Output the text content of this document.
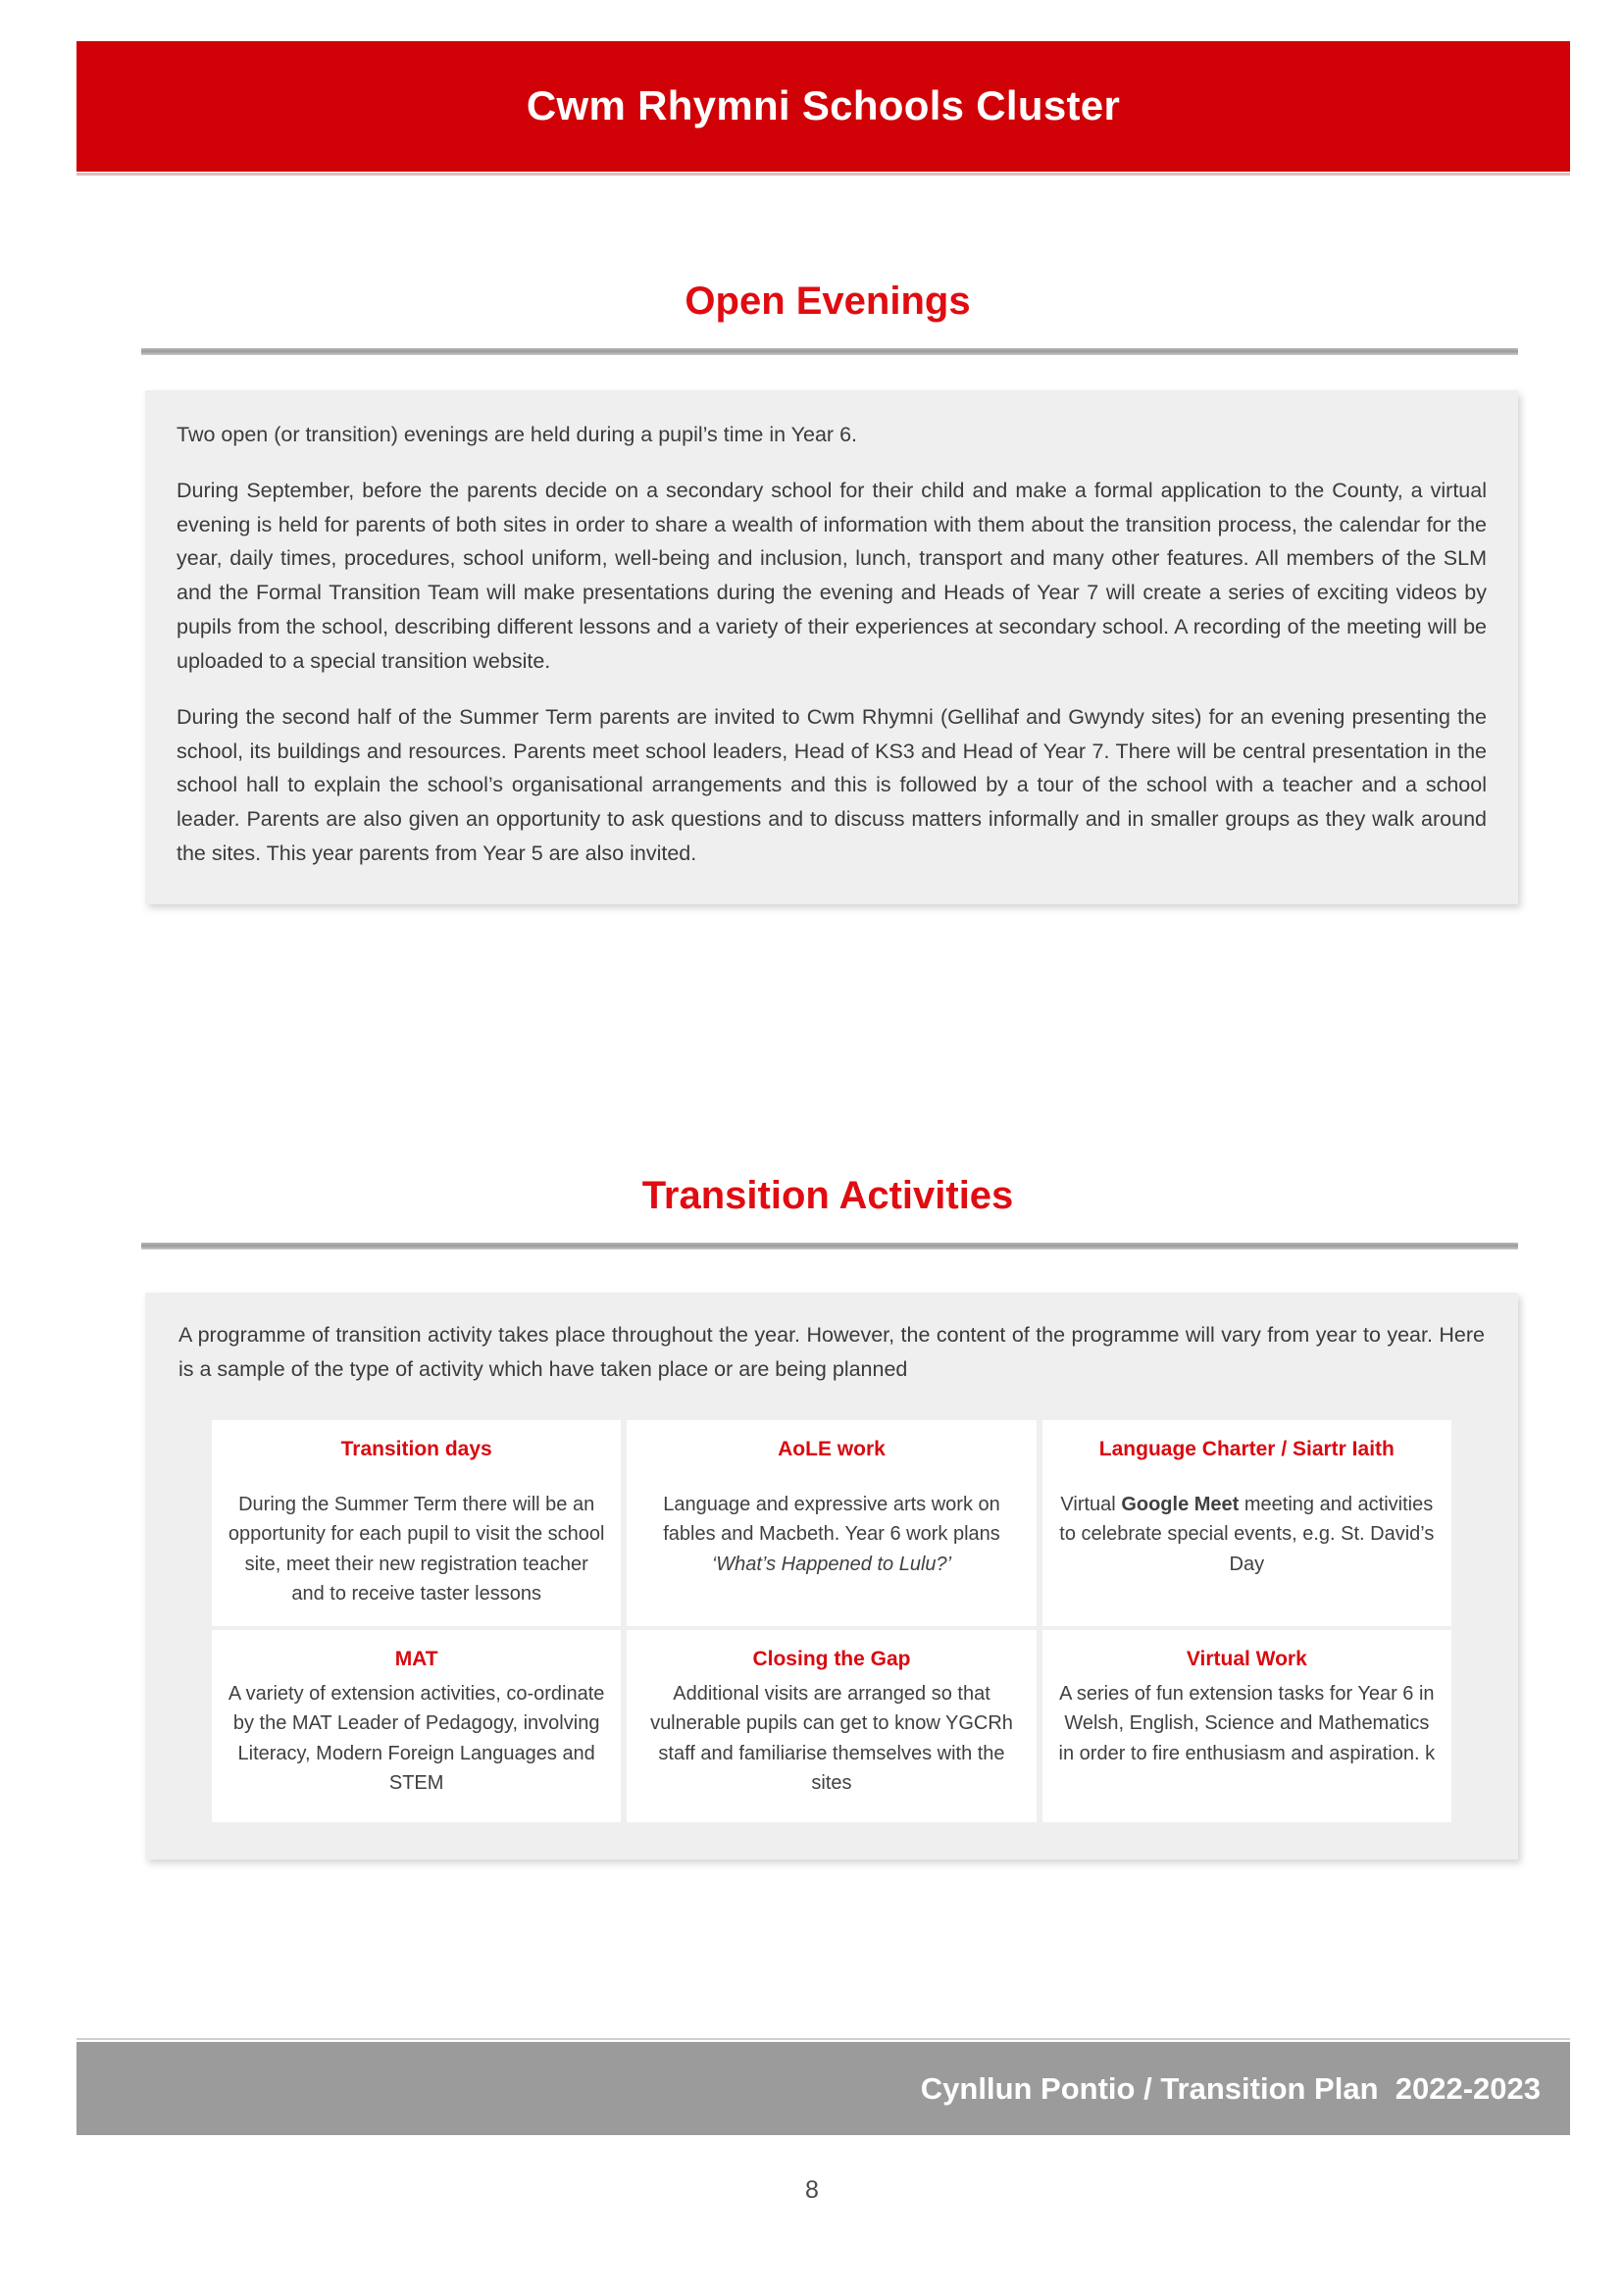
Cwm Rhymni Schools Cluster
Open Evenings

Two open (or transition) evenings are held during a pupil’s time in Year 6.

During September, before the parents decide on a secondary school for their child and make a formal application to the County, a virtual evening is held for parents of both sites in order to share a wealth of information with them about the transition process, the calendar for the year, daily times, procedures, school uniform, well-being and inclusion, lunch, transport and many other features. All members of the SLM and the Formal Transition Team will make presentations during the evening and Heads of Year 7 will create a series of exciting videos by pupils from the school, describing different lessons and a variety of their experiences at secondary school. A recording of the meeting will be uploaded to a special transition website.

During the second half of the Summer Term parents are invited to Cwm Rhymni (Gellihaf and Gwyndy sites) for an evening presenting the school, its buildings and resources. Parents meet school leaders, Head of KS3 and Head of Year 7. There will be central presentation in the school hall to explain the school’s organisational arrangements and this is followed by a tour of the school with a teacher and a school leader. Parents are also given an opportunity to ask questions and to discuss matters informally and in smaller groups as they walk around the sites. This year parents from Year 5 are also invited.

Transition Activities

A programme of transition activity takes place throughout the year. However, the content of the programme will vary from year to year. Here is a sample of the type of activity which have taken place or are being planned

Transition days
During the Summer Term there will be an opportunity for each pupil to visit the school site, meet their new registration teacher and to receive taster lessons
AoLE work
Language and expressive arts work on fables and Macbeth. Year 6 work plans ‘What’s Happened to Lulu?’
Language Charter / Siartr Iaith
Virtual Google Meet meeting and activities to celebrate special events, e.g. St. David’s Day
MAT
A variety of extension activities, co-ordinate by the MAT Leader of Pedagogy, involving Literacy, Modern Foreign Languages and STEM
Closing the Gap
Additional visits are arranged so that vulnerable pupils can get to know YGCRh staff and familiarise themselves with the sites
Virtual Work
A series of fun extension tasks for Year 6 in Welsh, English, Science and Mathematics in order to fire enthusiasm and aspiration. k
Cynllun Pontio / Transition Plan  2022-2023
8
